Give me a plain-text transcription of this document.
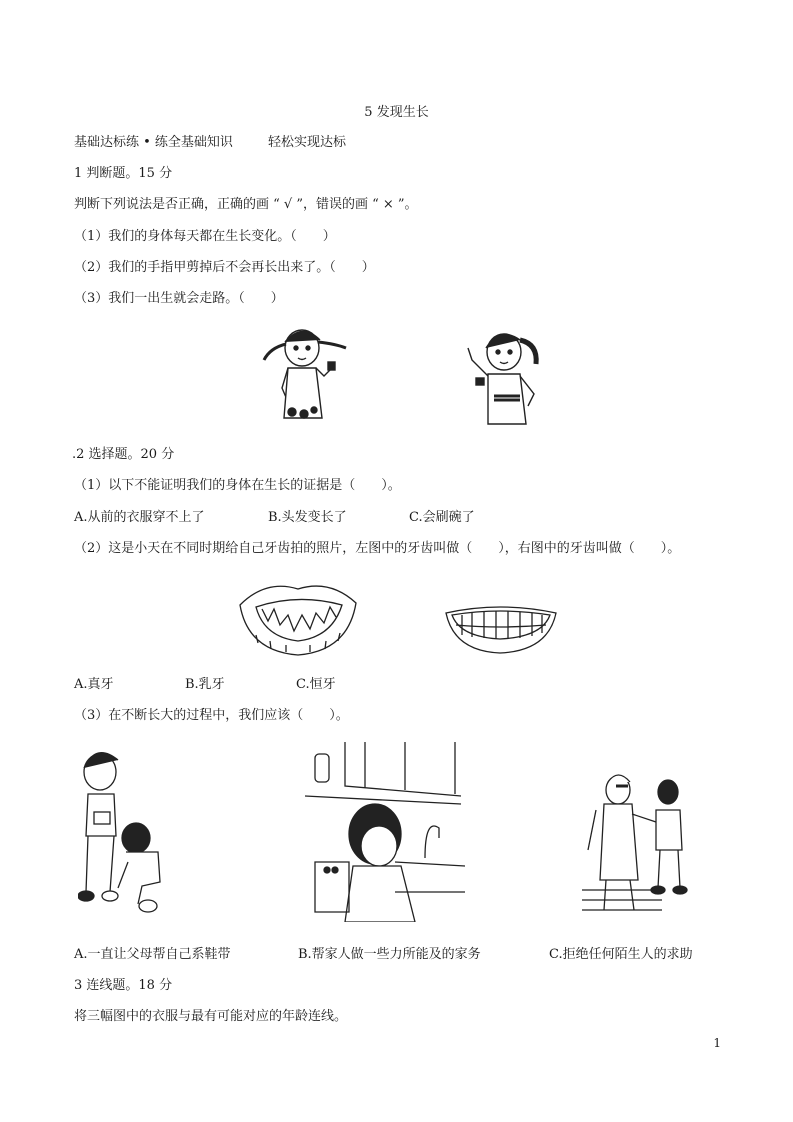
5 发现生长
基础达标练 • 练全基础知识	轻松实现达标
1 判断题。15 分
判断下列说法是否正确，正确的画 “ √ ”，错误的画 “ × ”。
（1）我们的身体每天都在生长变化。（　　）
（2）我们的手指甲剪掉后不会再长出来了。（　　）
（3）我们一出生就会走路。（　　）
.2 选择题。20 分
（1）以下不能证明我们的身体在生长的证据是（　　）。
A.从前的衣服穿不上了	B.头发变长了	C.会刷碗了
（2）这是小天在不同时期给自己牙齿拍的照片，左图中的牙齿叫做（　　），右图中的牙齿叫做（　　）。
A.真牙	B.乳牙	C.恒牙
（3）在不断长大的过程中，我们应该（　　）。
A.一直让父母帮自己系鞋带	B.帮家人做一些力所能及的家务	C.拒绝任何陌生人的求助
3 连线题。18 分
将三幅图中的衣服与最有可能对应的年龄连线。
1
